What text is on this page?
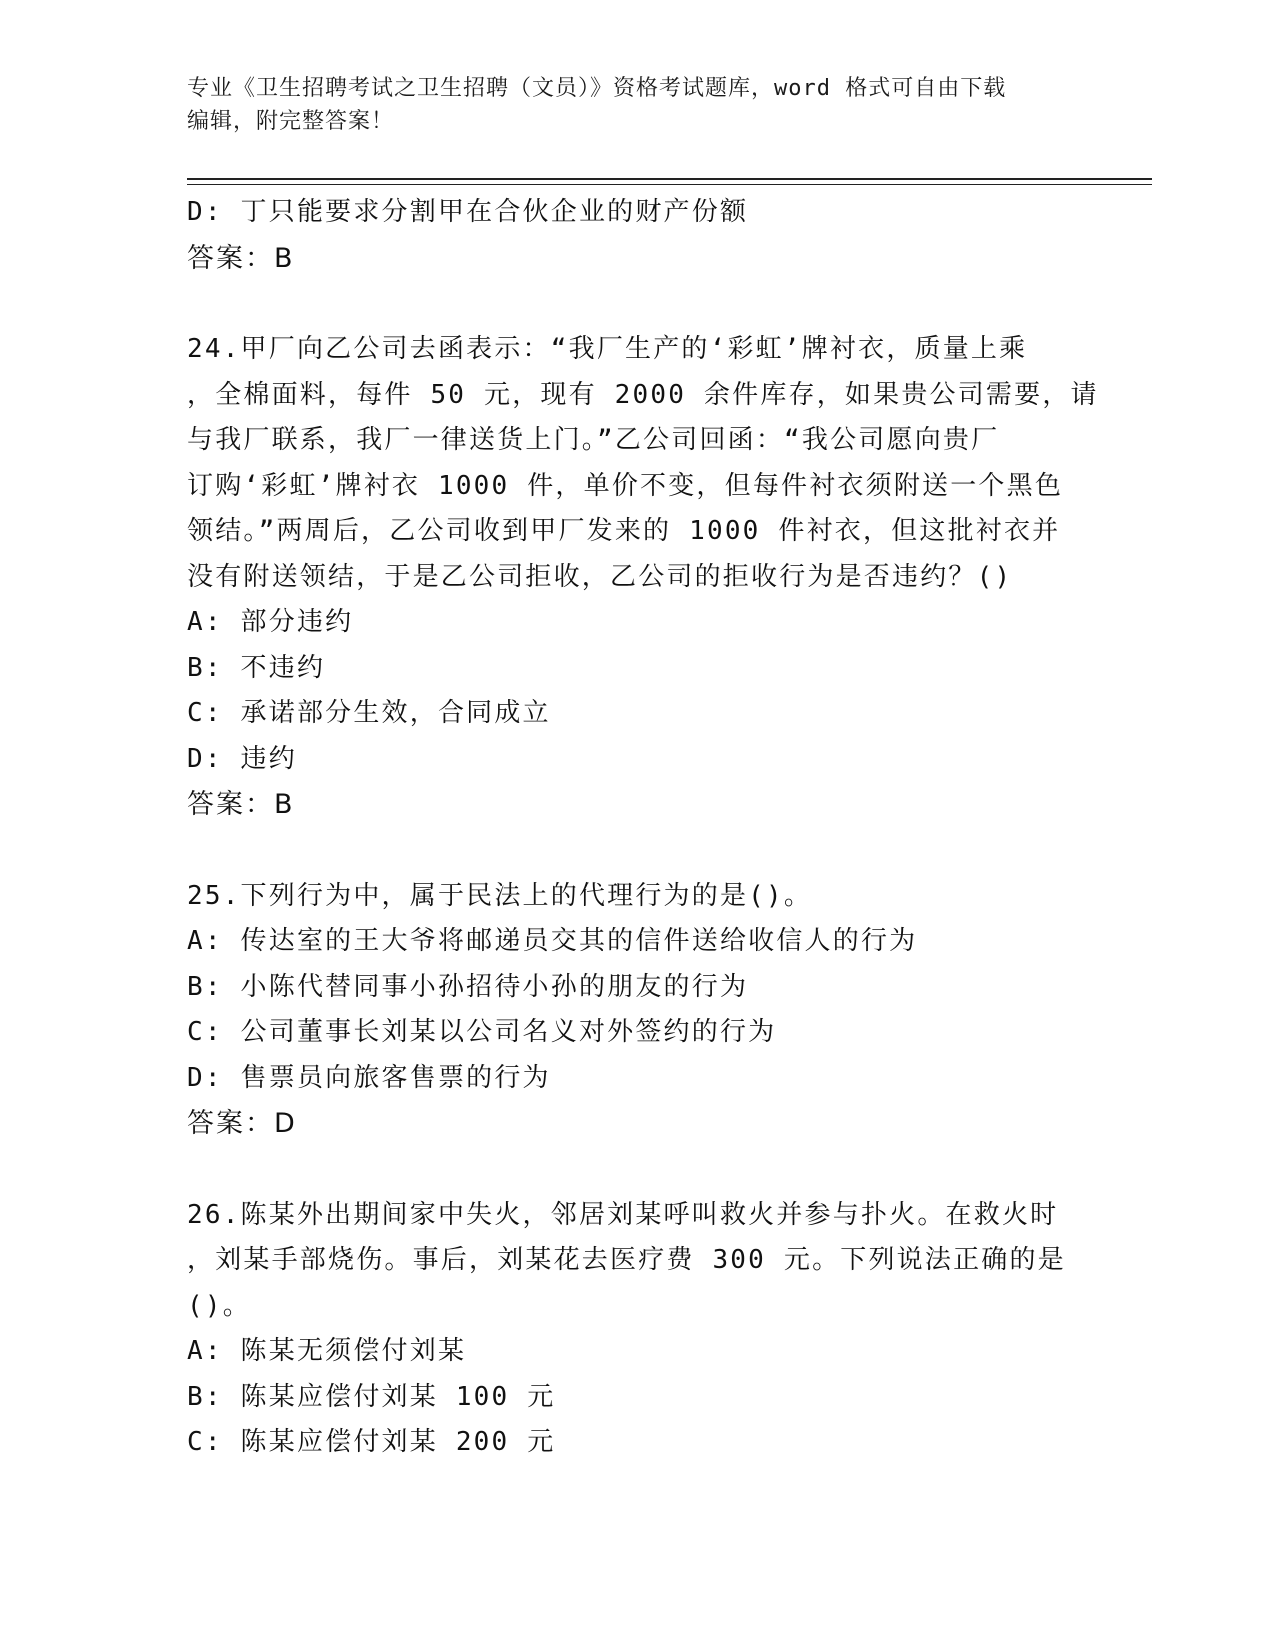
专业《卫生招聘考试之卫生招聘（文员）》资格考试题库，word 格式可自由下载
编辑，附完整答案！
D: 丁只能要求分割甲在合伙企业的财产份额
答案：B
24.甲厂向乙公司去函表示：“我厂生产的‘彩虹’牌衬衣，质量上乘
，全棉面料，每件 50 元，现有 2000 余件库存，如果贵公司需要，请
与我厂联系，我厂一律送货上门。”乙公司回函：“我公司愿向贵厂
订购‘彩虹’牌衬衣 1000 件，单价不变，但每件衬衣须附送一个黑色
领结。”两周后，乙公司收到甲厂发来的 1000 件衬衣，但这批衬衣并
没有附送领结，于是乙公司拒收，乙公司的拒收行为是否违约？()
A: 部分违约
B: 不违约
C: 承诺部分生效，合同成立
D: 违约
答案：B
25.下列行为中，属于民法上的代理行为的是()。
A: 传达室的王大爷将邮递员交其的信件送给收信人的行为
B: 小陈代替同事小孙招待小孙的朋友的行为
C: 公司董事长刘某以公司名义对外签约的行为
D: 售票员向旅客售票的行为
答案：D
26.陈某外出期间家中失火，邻居刘某呼叫救火并参与扑火。在救火时
，刘某手部烧伤。事后，刘某花去医疗费 300 元。下列说法正确的是
()。
A: 陈某无须偿付刘某
B: 陈某应偿付刘某 100 元
C: 陈某应偿付刘某 200 元
